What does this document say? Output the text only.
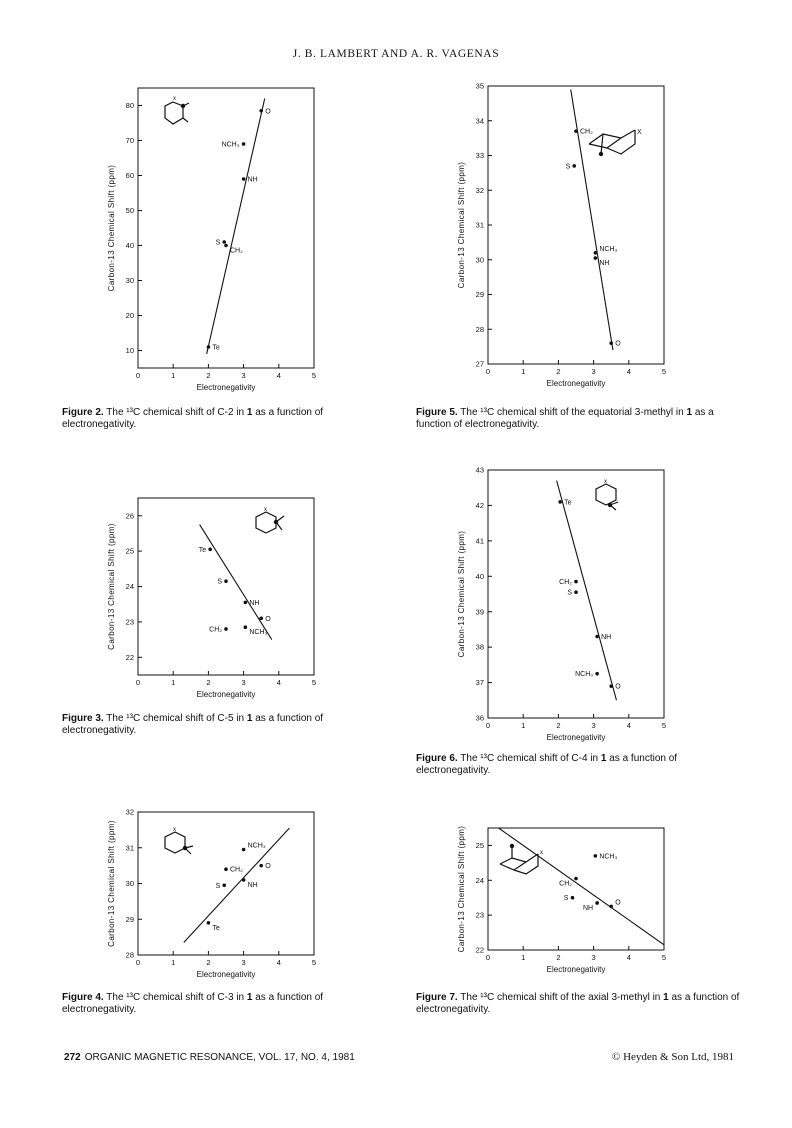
J. B. LAMBERT AND A. R. VAGENAS
0	1	2	3	4	5
10
20
30
40
50
60
70
80
Electronegativity
Carbon-13 Chemical Shift (ppm)
O
NCH₃
NH
S
CH₂
Te
x
Figure 2. The ¹³C chemical shift of C-2 in 1 as a function of electronegativity.
0	1	2	3	4	5
27
28
29
30
31
32
33
34
35
Electronegativity
Carbon-13 Chemical Shift (ppm)
CH₂
S
NCH₃
NH
O
X
Figure 5. The ¹³C chemical shift of the equatorial 3-methyl in 1 as a function of electronegativity.
0	1	2	3	4	5
22
23
24
25
26
Electronegativity
Carbon-13 Chemical Shift (ppm)	Te
S
NH
O
CH₂	NCH₃
x
Figure 3. The ¹³C chemical shift of C-5 in 1 as a function of electronegativity.	0	1	2	3	4	5
36
37
38
39
40
41
42
43
Electronegativity
Carbon-13 Chemical Shift (ppm)
Te
CH₂
S
NH
NCH₃
O
x
Figure 6. The ¹³C chemical shift of C-4 in 1 as a function of electronegativity.
0	1	2	3	4	5
28
29
30
31
32
Electronegativity
Carbon-13 Chemical Shift (ppm)	NCH₃
CH₂
O
S	NH
Te
x
Figure 4. The ¹³C chemical shift of C-3 in 1 as a function of electronegativity.
0	1	2	3	4	5
22
23
24
25
Electronegativity
Carbon-13 Chemical Shift (ppm)	NCH₃
CH₂
S
NH
O
x
Figure 7. The ¹³C chemical shift of the axial 3-methyl in 1 as a function of electronegativity.
272 ORGANIC MAGNETIC RESONANCE, VOL. 17, NO. 4, 1981	© Heyden & Son Ltd, 1981
